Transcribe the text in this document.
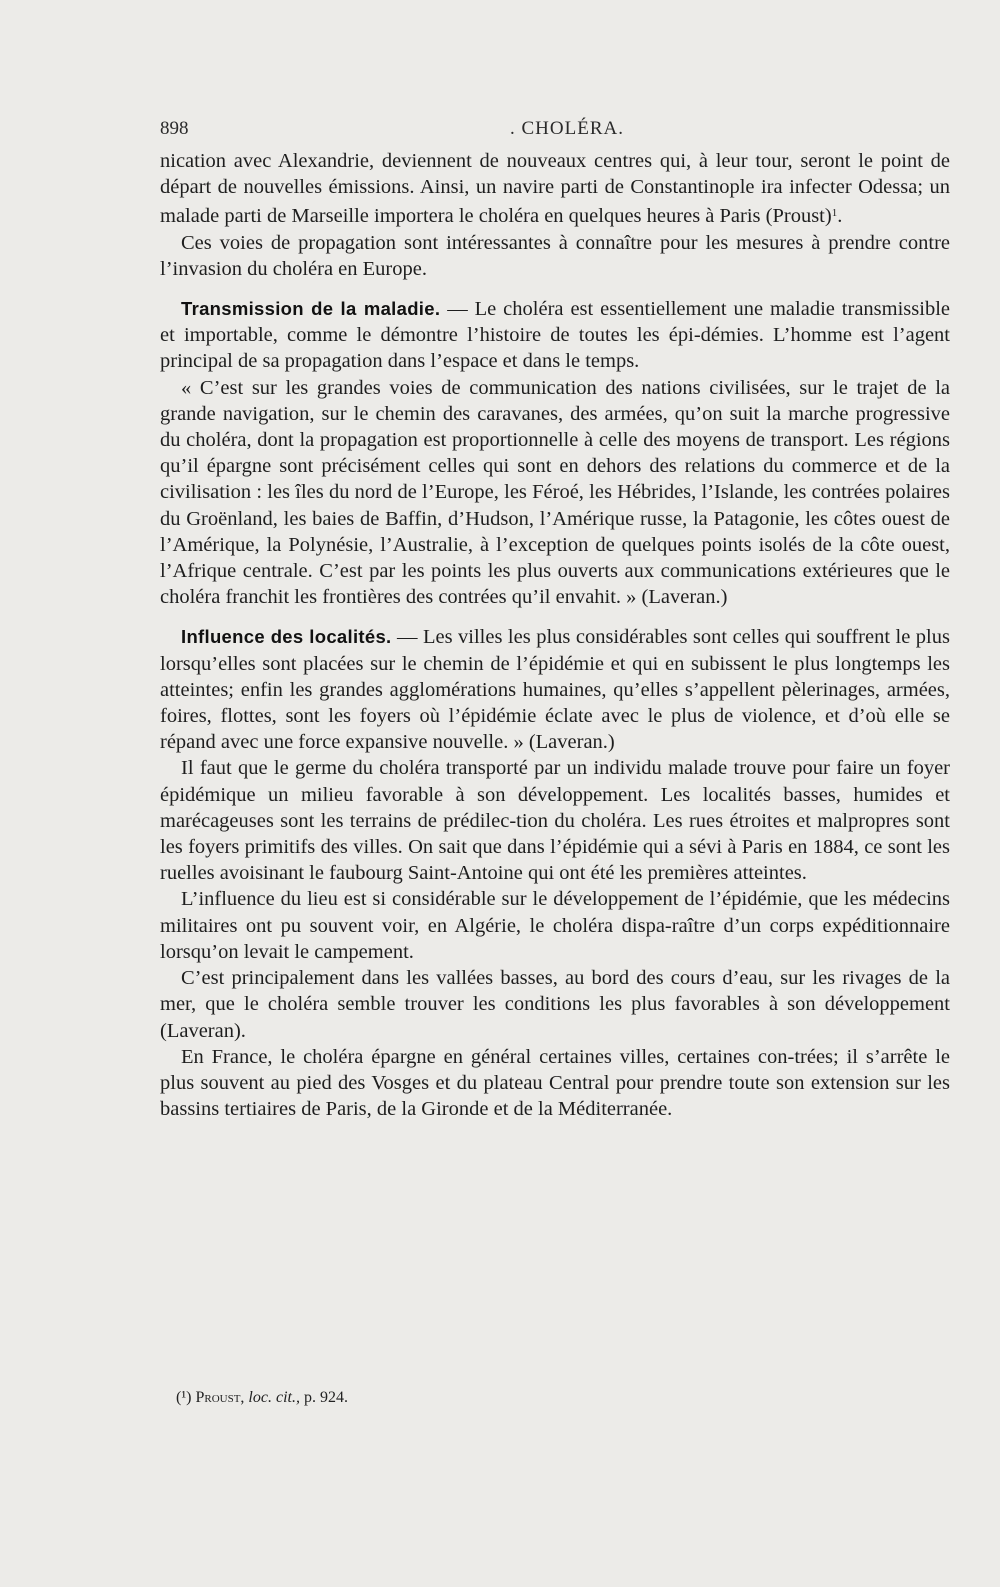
898	. CHOLÉRA.

nication avec Alexandrie, deviennent de nouveaux centres qui, à leur tour, seront le point de départ de nouvelles émissions. Ainsi, un navire parti de Constantinople ira infecter Odessa; un malade parti de Marseille importera le choléra en quelques heures à Paris (Proust)$^1$.

Ces voies de propagation sont intéressantes à connaître pour les mesures à prendre contre l’invasion du choléra en Europe.

Transmission de la maladie. — Le choléra est essentiellement une maladie transmissible et importable, comme le démontre l’histoire de toutes les épi-démies. L’homme est l’agent principal de sa propagation dans l’espace et dans le temps.

« C’est sur les grandes voies de communication des nations civilisées, sur le trajet de la grande navigation, sur le chemin des caravanes, des armées, qu’on suit la marche progressive du choléra, dont la propagation est proportionnelle à celle des moyens de transport. Les régions qu’il épargne sont précisément celles qui sont en dehors des relations du commerce et de la civilisation : les îles du nord de l’Europe, les Féroé, les Hébrides, l’Islande, les contrées polaires du Groënland, les baies de Baffin, d’Hudson, l’Amérique russe, la Patagonie, les côtes ouest de l’Amérique, la Polynésie, l’Australie, à l’exception de quelques points isolés de la côte ouest, l’Afrique centrale. C’est par les points les plus ouverts aux communications extérieures que le choléra franchit les frontières des contrées qu’il envahit. » (Laveran.)

Influence des localités. — Les villes les plus considérables sont celles qui souffrent le plus lorsqu’elles sont placées sur le chemin de l’épidémie et qui en subissent le plus longtemps les atteintes; enfin les grandes agglomérations humaines, qu’elles s’appellent pèlerinages, armées, foires, flottes, sont les foyers où l’épidémie éclate avec le plus de violence, et d’où elle se répand avec une force expansive nouvelle. » (Laveran.)

Il faut que le germe du choléra transporté par un individu malade trouve pour faire un foyer épidémique un milieu favorable à son développement. Les localités basses, humides et marécageuses sont les terrains de prédilec-tion du choléra. Les rues étroites et malpropres sont les foyers primitifs des villes. On sait que dans l’épidémie qui a sévi à Paris en 1884, ce sont les ruelles avoisinant le faubourg Saint-Antoine qui ont été les premières atteintes.

L’influence du lieu est si considérable sur le développement de l’épidémie, que les médecins militaires ont pu souvent voir, en Algérie, le choléra dispa-raître d’un corps expéditionnaire lorsqu’on levait le campement.

C’est principalement dans les vallées basses, au bord des cours d’eau, sur les rivages de la mer, que le choléra semble trouver les conditions les plus favorables à son développement (Laveran).

En France, le choléra épargne en général certaines villes, certaines con-trées; il s’arrête le plus souvent au pied des Vosges et du plateau Central pour prendre toute son extension sur les bassins tertiaires de Paris, de la Gironde et de la Méditerranée.

(¹) Proust, loc. cit., p. 924.
